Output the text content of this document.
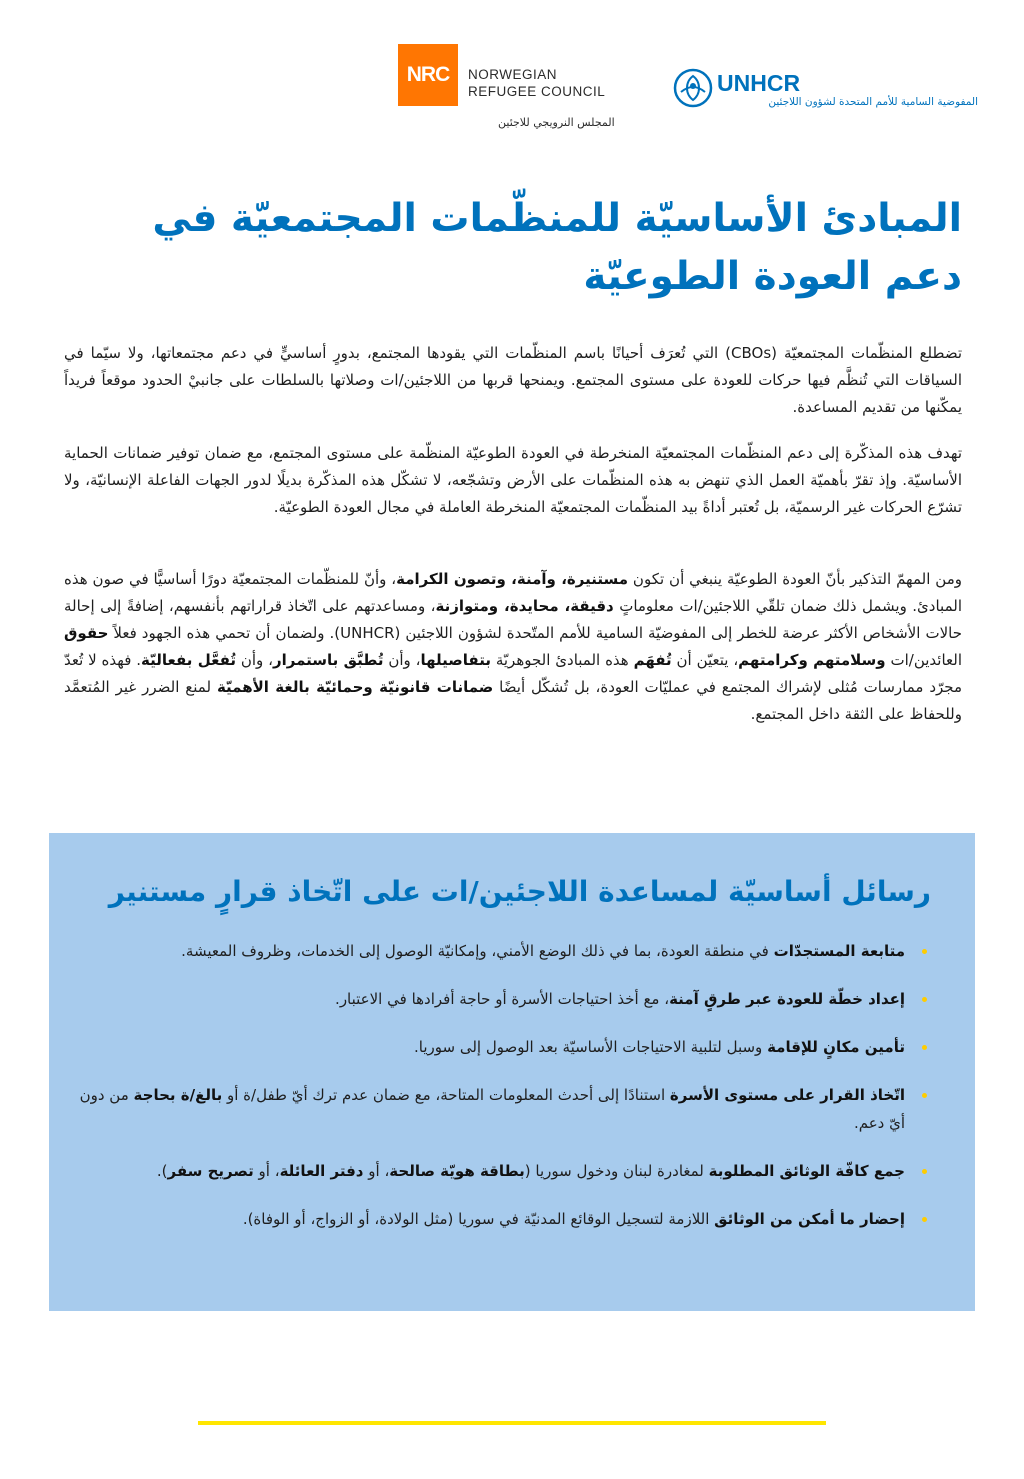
NRC	NORWEGIAN
REFUGEE COUNCIL
المجلس النرويجي للاجئين
UNHCR
المفوضية السامية للأمم المتحدة لشؤون اللاجئين
المبادئ الأساسيّة للمنظّمات المجتمعيّة في دعم العودة الطوعيّة

تضطلع المنظّمات المجتمعيّة (CBOs) التي تُعرَف أحيانًا باسم المنظّمات التي يقودها المجتمع، بدورٍ أساسيٍّ في دعم مجتمعاتها، ولا سيّما في السياقات التي تُنظَّم فيها حركات للعودة على مستوى المجتمع. ويمنحها قربها من اللاجئين/ات وصلاتها بالسلطات على جانبيْ الحدود موقعاً فريداً يمكّنها من تقديم المساعدة.

تهدف هذه المذكّرة إلى دعم المنظّمات المجتمعيّة المنخرطة في العودة الطوعيّة المنظّمة على مستوى المجتمع، مع ضمان توفير ضمانات الحماية الأساسيّة. وإذ تقرّ بأهميّة العمل الذي تنهض به هذه المنظّمات على الأرض وتشجّعه، لا تشكّل هذه المذكّرة بديلًا لدور الجهات الفاعلة الإنسانيّة، ولا تشرّع الحركات غير الرسميّة، بل تُعتبر أداةً بيد المنظّمات المجتمعيّة المنخرطة العاملة في مجال العودة الطوعيّة.

ومن المهمّ التذكير بأنّ العودة الطوعيّة ينبغي أن تكون مستنيرة، وآمنة، وتصون الكرامة، وأنّ للمنظّمات المجتمعيّة دورًا أساسيًّا في صون هذه المبادئ. ويشمل ذلك ضمان تلقّي اللاجئين/ات معلوماتٍ دقيقة، محايدة، ومتوازنة، ومساعدتهم على اتّخاذ قراراتهم بأنفسهم، إضافةً إلى إحالة حالات الأشخاص الأكثر عرضة للخطر إلى المفوضيّة السامية للأمم المتّحدة لشؤون اللاجئين (UNHCR). ولضمان أن تحمي هذه الجهود فعلاً حقوق العائدين/ات وسلامتهم وكرامتهم، يتعيّن أن تُفهَم هذه المبادئ الجوهريّة بتفاصيلها، وأن تُطبَّق باستمرار، وأن تُفعَّل بفعاليّة. فهذه لا تُعدّ مجرّد ممارسات مُثلى لإشراك المجتمع في عمليّات العودة، بل تُشكّل أيضًا ضمانات قانونيّة وحمائيّة بالغة الأهميّة لمنع الضرر غير المُتعمَّد وللحفاظ على الثقة داخل المجتمع.

رسائل أساسيّة لمساعدة اللاجئين/ات على اتّخاذ قرارٍ مستنير
متابعة المستجدّات في منطقة العودة، بما في ذلك الوضع الأمني، وإمكانيّة الوصول إلى الخدمات، وظروف المعيشة.
إعداد خطّة للعودة عبر طرقٍ آمنة، مع أخذ احتياجات الأسرة أو حاجة أفرادها في الاعتبار.
تأمين مكانٍ للإقامة وسبل لتلبية الاحتياجات الأساسيّة بعد الوصول إلى سوريا.
اتّخاذ القرار على مستوى الأسرة استنادًا إلى أحدث المعلومات المتاحة، مع ضمان عدم ترك أيّ طفل/ة أو بالغ/ة بحاجة من دون أيّ دعم.
جمع كافّة الوثائق المطلوبة لمغادرة لبنان ودخول سوريا (بطاقة هويّة صالحة، أو دفتر العائلة، أو تصريح سفر).
إحضار ما أمكن من الوثائق اللازمة لتسجيل الوقائع المدنيّة في سوريا (مثل الولادة، أو الزواج، أو الوفاة).
